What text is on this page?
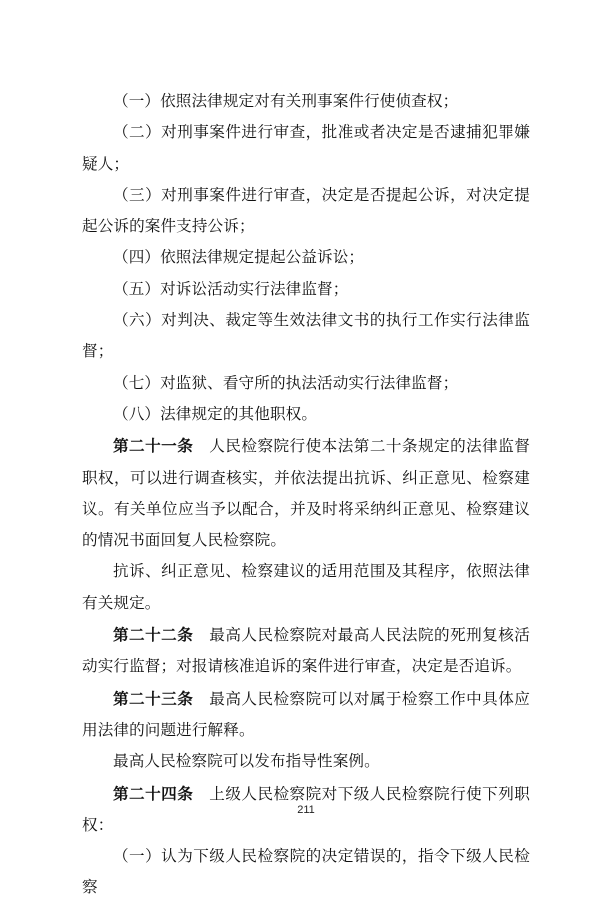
（一）依照法律规定对有关刑事案件行使侦查权；

（二）对刑事案件进行审查，批准或者决定是否逮捕犯罪嫌疑人；

（三）对刑事案件进行审查，决定是否提起公诉，对决定提起公诉的案件支持公诉；

（四）依照法律规定提起公益诉讼；

（五）对诉讼活动实行法律监督；

（六）对判决、裁定等生效法律文书的执行工作实行法律监督；

（七）对监狱、看守所的执法活动实行法律监督；

（八）法律规定的其他职权。

第二十一条 人民检察院行使本法第二十条规定的法律监督职权，可以进行调查核实，并依法提出抗诉、纠正意见、检察建议。有关单位应当予以配合，并及时将采纳纠正意见、检察建议的情况书面回复人民检察院。

抗诉、纠正意见、检察建议的适用范围及其程序，依照法律有关规定。

第二十二条 最高人民检察院对最高人民法院的死刑复核活动实行监督；对报请核准追诉的案件进行审查，决定是否追诉。

第二十三条 最高人民检察院可以对属于检察工作中具体应用法律的问题进行解释。

最高人民检察院可以发布指导性案例。

第二十四条 上级人民检察院对下级人民检察院行使下列职权：

（一）认为下级人民检察院的决定错误的，指令下级人民检察

211
